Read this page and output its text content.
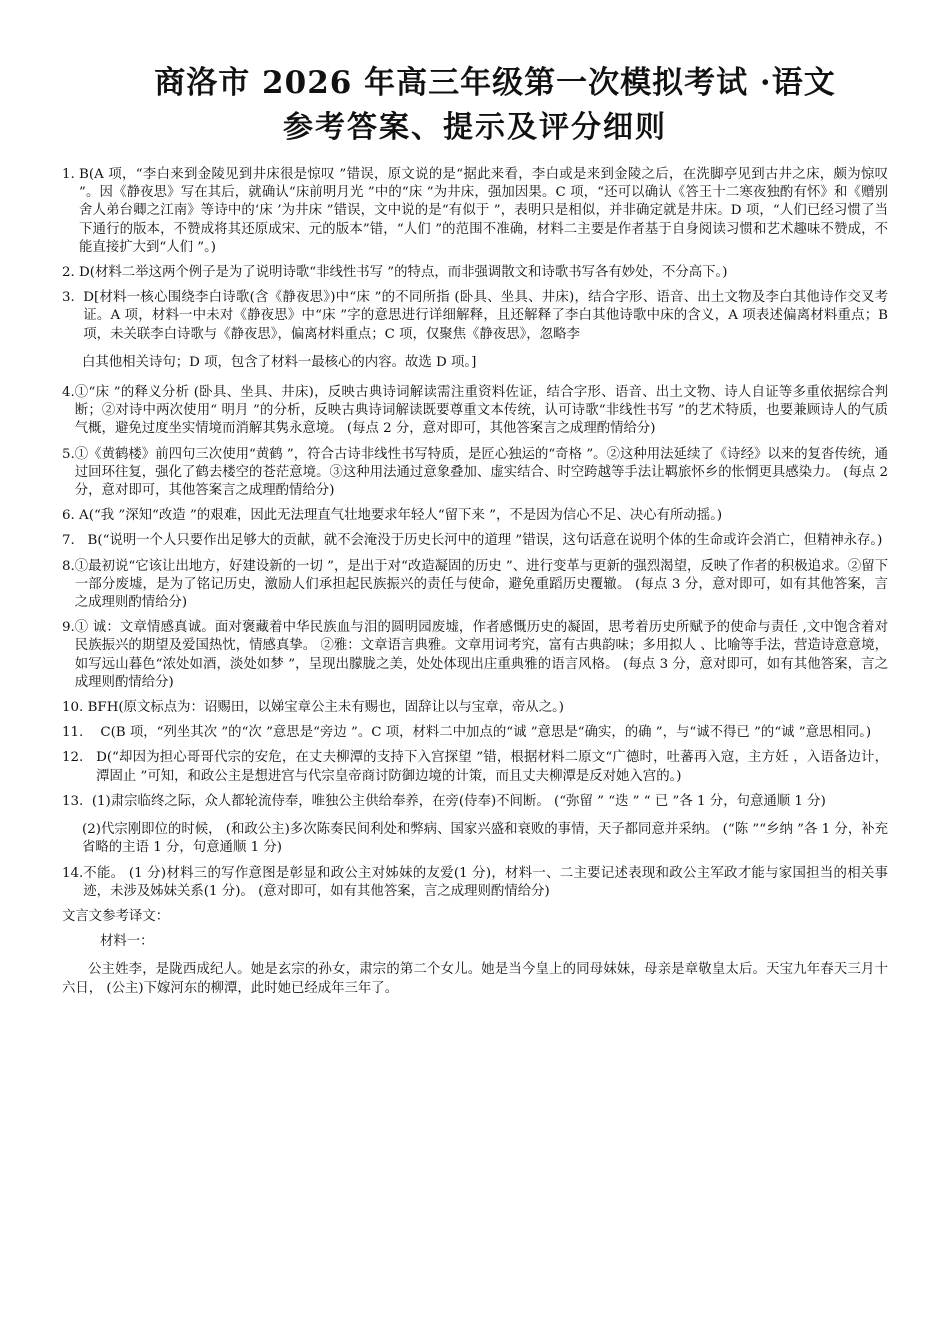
商洛市 2026 年高三年级第一次模拟考试 ·语文
参考答案、提示及评分细则
1. B(A 项，“李白来到金陵见到井床很是惊叹 ”错误，原文说的是“据此来看，李白或是来到金陵之后，在洗脚亭见到古井之床，颇为惊叹 ”。因《静夜思》写在其后，就确认“床前明月光 ”中的“床 ”为井床，强加因果。C 项，“还可以确认《答王十二寒夜独酌有怀》和《赠别舍人弟台卿之江南》等诗中的‘床 ’为井床 ”错误，文中说的是“有似于 ”，表明只是相似，并非确定就是井床。D 项，“人们已经习惯了当下通行的版本，不赞成将其还原成宋、元的版本”错，“人们 ”的范围不准确，材料二主要是作者基于自身阅读习惯和艺术趣味不赞成，不能直接扩大到“人们 ”。)
2. D(材料二举这两个例子是为了说明诗歌“非线性书写 ”的特点，而非强调散文和诗歌书写各有妙处，不分高下。)
3. D[材料一核心围绕李白诗歌(含《静夜思》)中“床 ”的不同所指 (卧具、坐具、井床)，结合字形、语音、出土文物及李白其他诗作交叉考证。A 项，材料一中未对《静夜思》中“床 ”字的意思进行详细解释，且还解释了李白其他诗歌中床的含义，A 项表述偏离材料重点；B 项，未关联李白诗歌与《静夜思》，偏离材料重点；C 项，仅聚焦《静夜思》，忽略李
白其他相关诗句；D 项，包含了材料一最核心的内容。故选 D 项。]
4. ①“床 ”的释义分析 (卧具、坐具、井床)，反映古典诗词解读需注重资料佐证，结合字形、语音、出土文物、诗人自证等多重依据综合判断；②对诗中两次使用“ 明月 ”的分析，反映古典诗词解读既要尊重文本传统，认可诗歌“非线性书写 ”的艺术特质，也要兼顾诗人的气质气概，避免过度坐实情境而消解其隽永意境。 (每点 2 分，意对即可，其他答案言之成理酌情给分)
5. ①《黄鹤楼》前四句三次使用“黄鹤 ”，符合古诗非线性书写特质，是匠心独运的“奇格 ”。②这种用法延续了《诗经》以来的复沓传统，通过回环往复，强化了鹤去楼空的苍茫意境。③这种用法通过意象叠加、虚实结合、时空跨越等手法让羁旅怀乡的怅惘更具感染力。 (每点 2 分，意对即可，其他答案言之成理酌情给分)
6. A(“我 ”深知“改造 ”的艰难，因此无法理直气壮地要求年轻人“留下来 ”，不是因为信心不足、决心有所动摇。)
7. B(“说明一个人只要作出足够大的贡献，就不会淹没于历史长河中的道理 ”错误，这句话意在说明个体的生命或许会消亡，但精神永存。)
8. ①最初说“它该让出地方，好建设新的一切 ”，是出于对“改造凝固的历史 ”、进行变革与更新的强烈渴望，反映了作者的积极追求。②留下一部分废墟，是为了铭记历史，激励人们承担起民族振兴的责任与使命，避免重蹈历史覆辙。 (每点 3 分，意对即可，如有其他答案，言之成理则酌情给分)
9. ① 诚：文章情感真诚。面对褒藏着中华民族血与泪的圆明园废墟，作者感慨历史的凝固，思考着历史所赋予的使命与责任 ,文中饱含着对民族振兴的期望及爱国热忱，情感真挚。 ②雅：文章语言典雅。文章用词考究，富有古典韵味；多用拟人 、比喻等手法，营造诗意意境，如写远山暮色“浓处如酒，淡处如梦 ”，呈现出朦胧之美，处处体现出庄重典雅的语言风格。 (每点 3 分，意对即可，如有其他答案，言之成理则酌情给分)
10. BFH(原文标点为：诏赐田，以娣宝章公主未有赐也，固辞让以与宝章，帝从之。)
11. C(B 项，“列坐其次 ”的“次 ”意思是“旁边 ”。C 项，材料二中加点的“诚 ”意思是“确实，的确 ”，与“诚不得已 ”的“诚 ”意思相同。)
12. D(“却因为担心哥哥代宗的安危，在丈夫柳潭的支持下入宫探望 ”错，根据材料二原文“广德时，吐蕃再入寇，主方妊 ，入语备边计，潭固止 ”可知，和政公主是想进宫与代宗皇帝商讨防御边境的计策，而且丈夫柳潭是反对她入宫的。)
13. (1)肃宗临终之际，众人都轮流侍奉，唯独公主供给奉养，在旁(侍奉)不间断。 (“弥留 ” “迭 ” “ 已 ”各 1 分，句意通顺 1 分)
(2)代宗刚即位的时候， (和政公主)多次陈奏民间利处和弊病、国家兴盛和衰败的事情，天子都同意并采纳。 (“陈 ”“乡纳 ”各 1 分，补充省略的主语 1 分，句意通顺 1 分)
14. 不能。 (1 分)材料三的写作意图是彰显和政公主对姊妹的友爱(1 分)，材料一、二主要记述表现和政公主军政才能与家国担当的相关事迹，未涉及姊妹关系(1 分)。 (意对即可，如有其他答案，言之成理则酌情给分)
文言文参考译文：
材料一：
公主姓李，是陇西成纪人。她是玄宗的孙女，肃宗的第二个女儿。她是当今皇上的同母妹妹，母亲是章敬皇太后。天宝九年春天三月十六日， (公主)下嫁河东的柳潭，此时她已经成年三年了。
